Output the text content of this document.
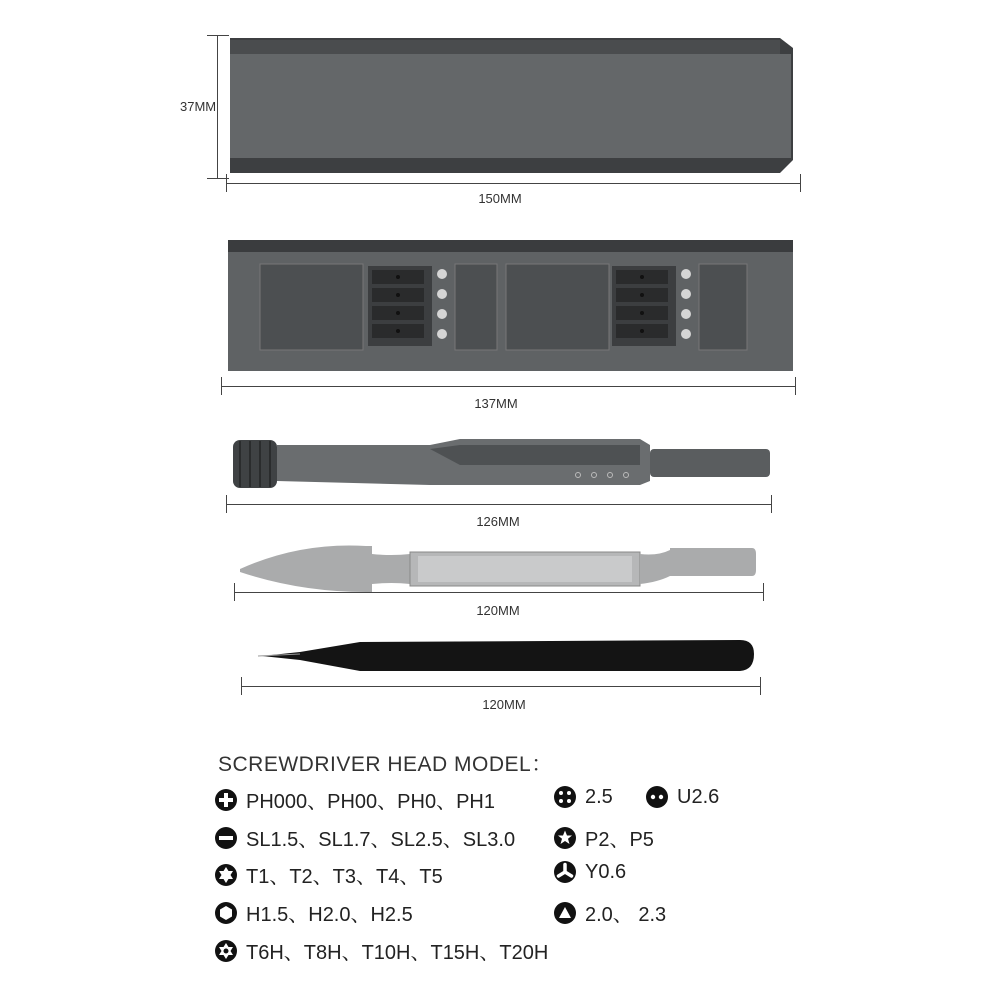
37MM
150MM
137MM
126MM
120MM
120MM
SCREWDRIVER HEAD MODEL：
PH000、PH00、PH0、PH1
SL1.5、SL1.7、SL2.5、SL3.0
T1、T2、T3、T4、T5
H1.5、H2.0、H2.5
T6H、T8H、T10H、T15H、T20H
2.5	U2.6
P2、P5
Y0.6
2.0、 2.3
